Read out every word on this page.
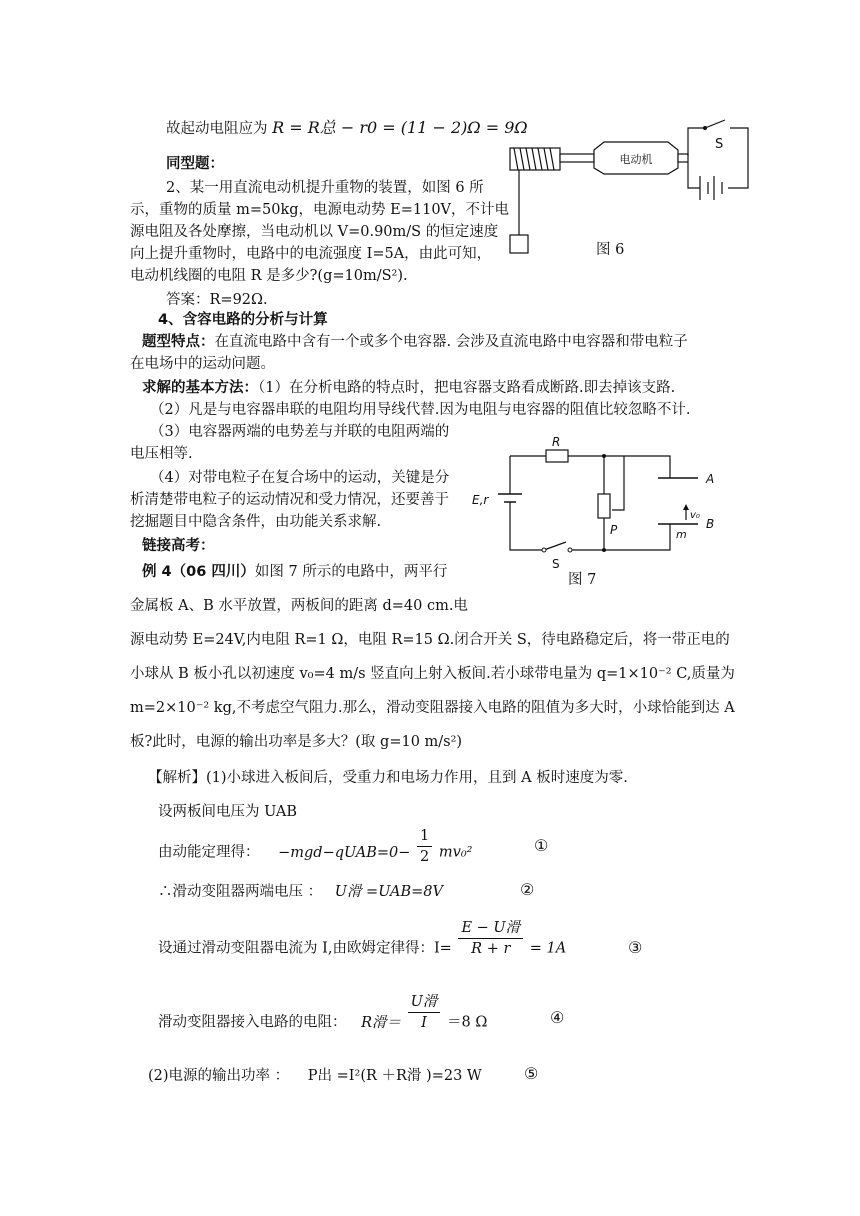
故起动电阻应为 R = R总 − r0 = (11 − 2)Ω = 9Ω
同型题：
2、某一用直流电动机提升重物的装置，如图 6 所
示，重物的质量 m=50kg，电源电动势 E=110V，不计电
源电阻及各处摩擦，当电动机以 V=0.90m/S 的恒定速度
向上提升重物时，电路中的电流强度 I=5A，由此可知，
电动机线圈的电阻 R 是多少?(g=10m/S²).
答案：R=92Ω.
电动机
S
图 6
4、含容电路的分析与计算
题型特点：在直流电路中含有一个或多个电容器. 会涉及直流电路中电容器和带电粒子
在电场中的运动问题。
求解的基本方法：（1）在分析电路的特点时，把电容器支路看成断路.即去掉该支路.
（2）凡是与电容器串联的电阻均用导线代替.因为电阻与电容器的阻值比较忽略不计.
（3）电容器两端的电势差与并联的电阻两端的
电压相等.
（4）对带电粒子在复合场中的运动，关键是分
析清楚带电粒子的运动情况和受力情况，还要善于
挖掘题目中隐含条件，由功能关系求解.
链接高考：
R
E,r
A
B
P
S
v₀
m
图 7
例 4（06 四川）如图 7 所示的电路中，两平行
金属板 A、B 水平放置，两板间的距离 d=40 cm.电
源电动势 E=24V,内电阻 R=1 Ω，电阻 R=15 Ω.闭合开关 S，待电路稳定后，将一带正电的
小球从 B 板小孔以初速度 v₀=4 m/s 竖直向上射入板间.若小球带电量为 q=1×10⁻² C,质量为
m=2×10⁻² kg,不考虑空气阻力.那么，滑动变阻器接入电路的阻值为多大时，小球恰能到达 A
板?此时，电源的输出功率是多大？(取 g=10 m/s²)
【解析】(1)小球进入板间后，受重力和电场力作用，且到 A 板时速度为零.
设两板间电压为 UAB
由动能定理得： −mgd−qUAB=0− $\frac{1}{2} mv_0^2$	①
∴滑动变阻器两端电压 ： U滑 =UAB=8V	②
设通过滑动变阻器电流为 I,由欧姆定律得：$I= \frac{\text{E − U滑}}{R + r} = 1A$	③
滑动变阻器接入电路的电阻： R滑＝ $\frac{\text{U滑}}{I} =8$ Ω	④
(2)电源的输出功率 ： P出 =I²(R ＋R滑 )=23 W	⑤
